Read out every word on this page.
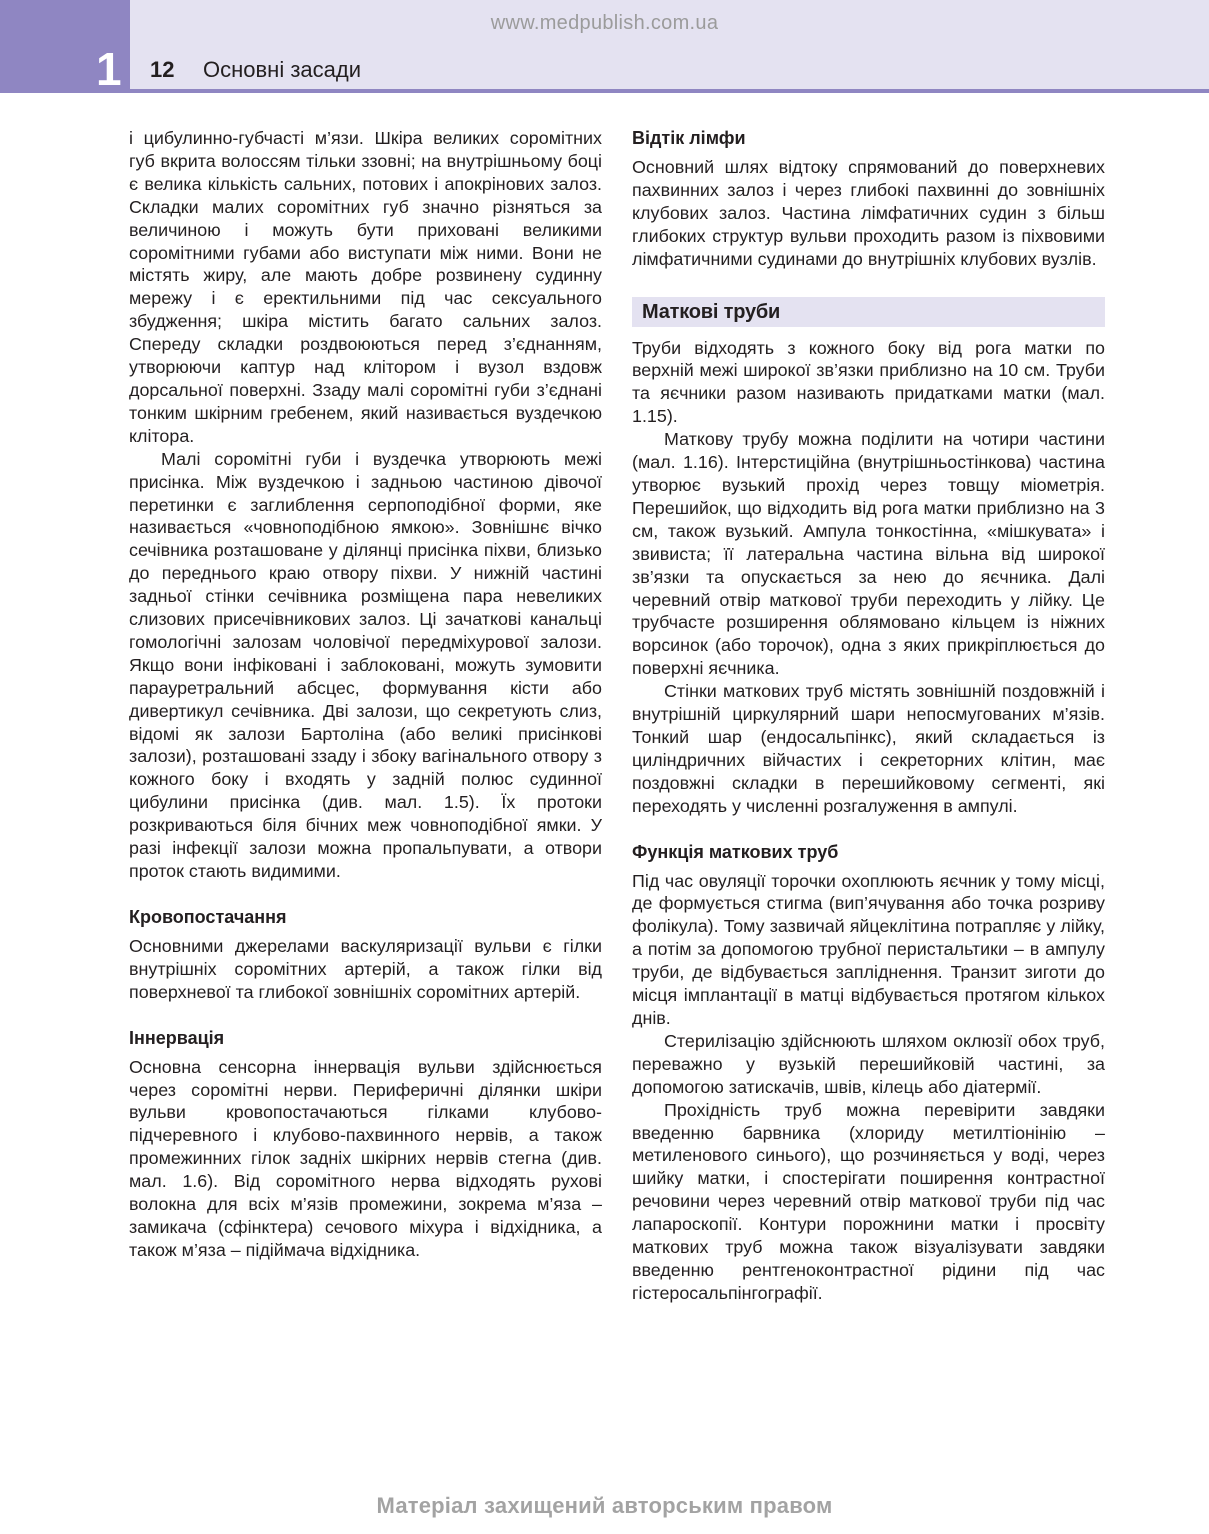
1
www.medpublish.com.ua
12 Основні засади

і цибулинно-губчасті м’язи. Шкіра великих соромітних губ вкрита волоссям тільки ззовні; на внутрішньому боці є велика кількість сальних, потових і апокрінових залоз. Складки малих соромітних губ значно різняться за величиною і можуть бути приховані великими соромітними губами або виступати між ними. Вони не містять жиру, але мають добре розвинену судинну мережу і є еректильними під час сексуального збудження; шкіра містить багато сальних залоз. Спереду складки роздвоюються перед з’єднанням, утворюючи каптур над клітором і вузол вздовж дорсальної поверхні. Ззаду малі соромітні губи з’єднані тонким шкірним гребенем, який називається вуздечкою клітора.

Малі соромітні губи і вуздечка утворюють межі присінка. Між вуздечкою і задньою частиною дівочої перетинки є заглиблення серпоподібної форми, яке називається «човноподібною ямкою». Зовнішнє вічко сечівника розташоване у ділянці присінка піхви, близько до переднього краю отвору піхви. У нижній частині задньої стінки сечівника розміщена пара невеликих слизових присечівникових залоз. Ці зачаткові канальці гомологічні залозам чоловічої передміхурової залози. Якщо вони інфіковані і заблоковані, можуть зумовити парауретральний абсцес, формування кісти або дивертикул сечівника. Дві залози, що секретують слиз, відомі як залози Бартоліна (або великі присінкові залози), розташовані ззаду і збоку вагінального отвору з кожного боку і входять у задній полюс судинної цибулини присінка (див. мал. 1.5). Їх протоки розкриваються біля бічних меж човноподібної ямки. У разі інфекції залози можна пропальпувати, а отвори проток стають видимими.

Кровопостачання

Основними джерелами васкуляризації вульви є гілки внутрішніх соромітних артерій, а також гілки від поверхневої та глибокої зовнішніх соромітних артерій.

Іннервація

Основна сенсорна іннервація вульви здійснюється через соромітні нерви. Периферичні ділянки шкіри вульви кровопостачаються гілками клубово-підчеревного і клубово-пахвинного нервів, а також промежинних гілок задніх шкірних нервів стегна (див. мал. 1.6). Від соромітного нерва відходять рухові волокна для всіх м’язів промежини, зокрема м’яза – замикача (сфінктера) сечового міхура і відхідника, а також м’яза – підіймача відхідника.

Відтік лімфи

Основний шлях відтоку спрямований до поверхневих пахвинних залоз і через глибокі пахвинні до зовнішніх клубових залоз. Частина лімфатичних судин з більш глибоких структур вульви проходить разом із піхвовими лімфатичними судинами до внутрішніх клубових вузлів.

Маткові труби

Труби відходять з кожного боку від рога матки по верхній межі широкої зв’язки приблизно на 10 см. Труби та яєчники разом називають придатками матки (мал. 1.15).

Маткову трубу можна поділити на чотири частини (мал. 1.16). Інтерстиційна (внутрішньостінкова) частина утворює вузький прохід через товщу міометрія. Перешийок, що відходить від рога матки приблизно на 3 см, також вузький. Ампула тонкостінна, «мішкувата» і звивиста; її латеральна частина вільна від широкої зв’язки та опускається за нею до яєчника. Далі черевний отвір маткової труби переходить у лійку. Це трубчасте розширення облямовано кільцем із ніжних ворсинок (або торочок), одна з яких прикріплюється до поверхні яєчника.

Стінки маткових труб містять зовнішній поздовжній і внутрішній циркулярний шари непосмугованих м’язів. Тонкий шар (ендосальпінкс), який складається із циліндричних війчастих і секреторних клітин, має поздовжні складки в перешийковому сегменті, які переходять у численні розгалуження в ампулі.

Функція маткових труб

Під час овуляції торочки охоплюють яєчник у тому місці, де формується стигма (вип’ячування або точка розриву фолікула). Тому зазвичай яйцеклітина потрапляє у лійку, а потім за допомогою трубної перистальтики – в ампулу труби, де відбувається запліднення. Транзит зиготи до місця імплантації в матці відбувається протягом кількох днів.

Стерилізацію здійснюють шляхом оклюзії обох труб, переважно у вузькій перешийковій частині, за допомогою затискачів, швів, кілець або діатермії.

Прохідність труб можна перевірити завдяки введенню барвника (хлориду метилтіонінію – метиленового синього), що розчиняється у воді, через шийку матки, і спостерігати поширення контрастної речовини через черевний отвір маткової труби під час лапароскопії. Контури порожнини матки і просвіту маткових труб можна також візуалізувати завдяки введенню рентгеноконтрастної рідини під час гістеросальпінгографії.

Матеріал захищений авторським правом
